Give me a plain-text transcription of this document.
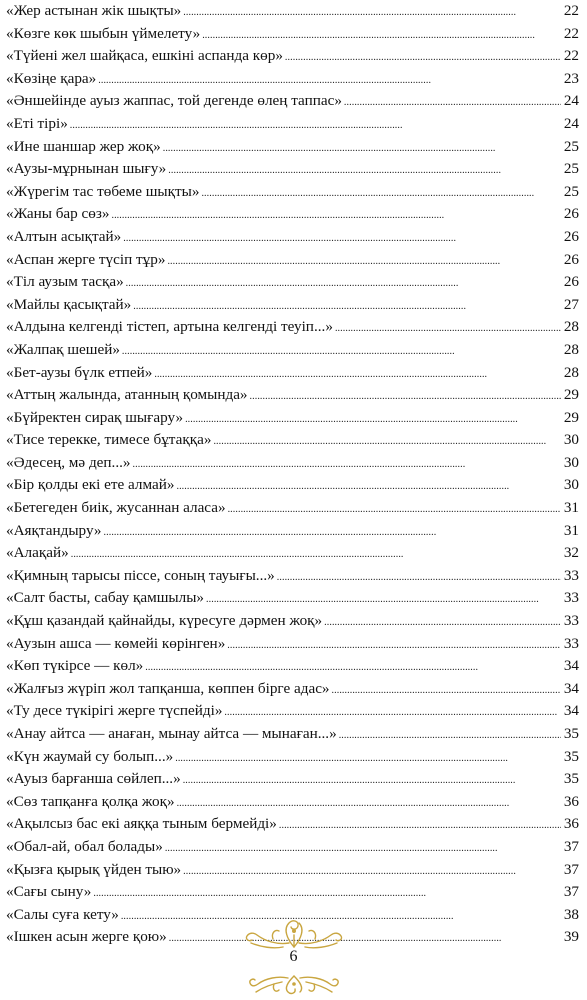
«Жер астынан жік шықты» . . .	22
«Көзге көк шыбын үймелету» . . .	22
«Түйені жел шайқаса, ешкіні аспанда көр» . . .	22
«Көзіңе қара» . . .	23
«Әншейінде ауыз жаппас, той дегенде өлең таппас» . . .	24
«Еті тірі» . . .	24
«Ине шаншар жер жоқ» . . .	25
«Аузы-мұрнынан шығу» . . .	25
«Жүрегім тас төбеме шықты» . . .	25
«Жаны бар сөз» . . .	26
«Алтын асықтай» . . .	26
«Аспан жерге түсіп тұр» . . .	26
«Тіл аузым тасқа» . . .	26
«Майлы қасықтай» . . .	27
«Алдына келгенді тістеп, артына келгенді теуіп...» . . .	28
«Жалпақ шешей» . . .	28
«Бет-аузы бүлк етпей» . . .	28
«Аттың жалында, атанның қомында» . . .	29
«Бүйректен сирақ шығару» . . .	29
«Тисе терекке, тимесе бұтаққа» . . .	30
«Әдесең, мә деп...» . . .	30
«Бір қолды екі ете алмай» . . .	30
«Бетегеден биік, жусаннан аласа» . . .	31
«Аяқтандыру» . . .	31
«Алақай» . . .	32
«Қимның тарысы піссе, соның тауығы...» . . .	33
«Салт басты, сабау қамшылы» . . .	33
«Құш қазандай қайнайды, күресуге дәрмен жоқ» . . .	33
«Аузын ашса — көмейі көрінген» . . .	33
«Көп түкірсе — көл» . . .	34
«Жалғыз жүріп жол тапқанша, көппен бірге адас» . . .	34
«Ту десе түкірігі жерге түспейді» . . .	34
«Анау айтса — анаған, мынау айтса — мынаған...» . . .	35
«Күн жаумай су болып...» . . .	35
«Ауыз барғанша сөйлеп...» . . .	35
«Сөз тапқанға қолқа жоқ» . . .	36
«Ақылсыз бас екі аяққа тыным бермейді» . . .	36
«Обал-ай, обал болады» . . .	37
«Қызға қырық үйден тыю» . . .	37
«Сағы сыну» . . .	37
«Салы суға кету» . . .	38
«Ішкен асын жерге қою» . . .	39
6
